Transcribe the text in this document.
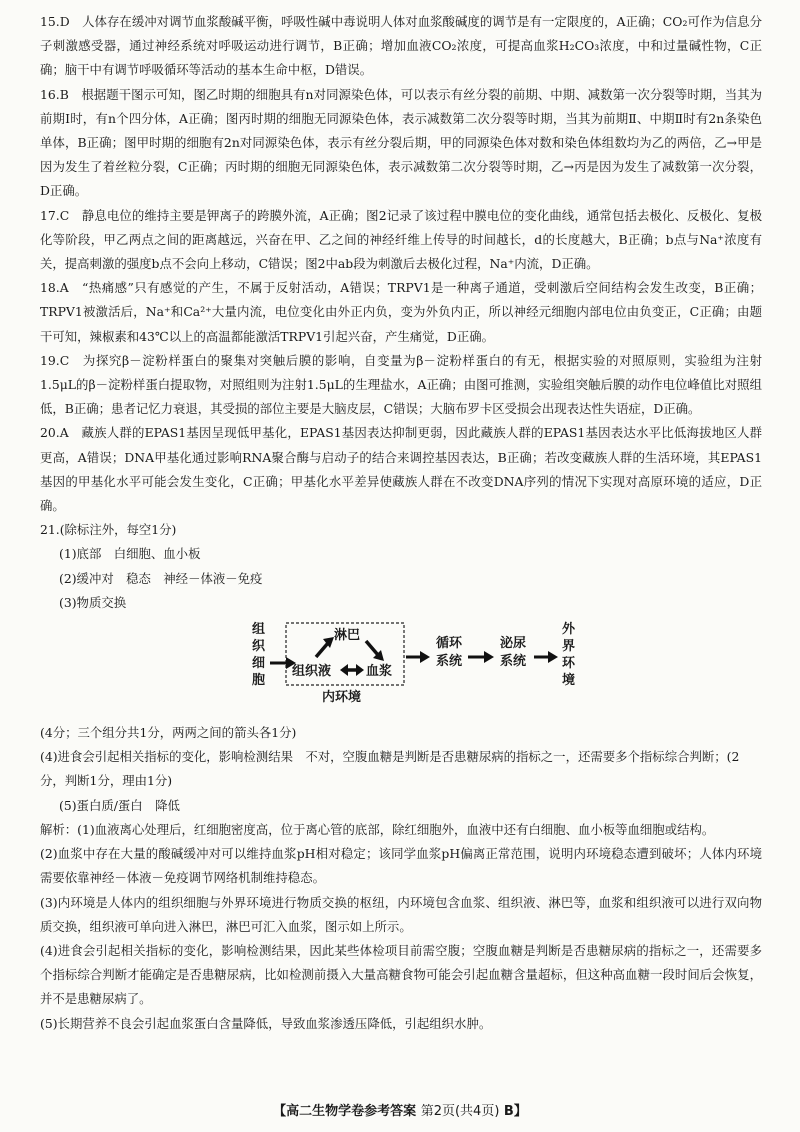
15.D　人体存在缓冲对调节血浆酸碱平衡，呼吸性碱中毒说明人体对血浆酸碱度的调节是有一定限度的，A正确；CO₂可作为信息分子刺激感受器，通过神经系统对呼吸运动进行调节，B正确；增加血液CO₂浓度，可提高血浆H₂CO₃浓度，中和过量碱性物，C正确；脑干中有调节呼吸循环等活动的基本生命中枢，D错误。

16.B　根据题干图示可知，图乙时期的细胞具有n对同源染色体，可以表示有丝分裂的前期、中期、减数第一次分裂等时期，当其为前期Ⅰ时，有n个四分体，A正确；图丙时期的细胞无同源染色体，表示减数第二次分裂等时期，当其为前期Ⅱ、中期Ⅱ时有2n条染色单体，B正确；图甲时期的细胞有2n对同源染色体，表示有丝分裂后期，甲的同源染色体对数和染色体组数均为乙的两倍，乙→甲是因为发生了着丝粒分裂，C正确；丙时期的细胞无同源染色体，表示减数第二次分裂等时期，乙→丙是因为发生了减数第一次分裂，D正确。

17.C　静息电位的维持主要是钾离子的跨膜外流，A正确；图2记录了该过程中膜电位的变化曲线，通常包括去极化、反极化、复极化等阶段，甲乙两点之间的距离越远，兴奋在甲、乙之间的神经纤维上传导的时间越长，d的长度越大，B正确；b点与Na⁺浓度有关，提高刺激的强度b点不会向上移动，C错误；图2中ab段为刺激后去极化过程，Na⁺内流，D正确。

18.A　“热痛感”只有感觉的产生，不属于反射活动，A错误；TRPV1是一种离子通道，受刺激后空间结构会发生改变，B正确；TRPV1被激活后，Na⁺和Ca²⁺大量内流，电位变化由外正内负，变为外负内正，所以神经元细胞内部电位由负变正，C正确；由题干可知，辣椒素和43℃以上的高温都能激活TRPV1引起兴奋，产生痛觉，D正确。

19.C　为探究β－淀粉样蛋白的聚集对突触后膜的影响，自变量为β－淀粉样蛋白的有无，根据实验的对照原则，实验组为注射1.5μL的β－淀粉样蛋白提取物，对照组则为注射1.5μL的生理盐水，A正确；由图可推测，实验组突触后膜的动作电位峰值比对照组低，B正确；患者记忆力衰退，其受损的部位主要是大脑皮层，C错误；大脑布罗卡区受损会出现表达性失语症，D正确。

20.A　藏族人群的EPAS1基因呈现低甲基化，EPAS1基因表达抑制更弱，因此藏族人群的EPAS1基因表达水平比低海拔地区人群更高，A错误；DNA甲基化通过影响RNA聚合酶与启动子的结合来调控基因表达，B正确；若改变藏族人群的生活环境，其EPAS1基因的甲基化水平可能会发生变化，C正确；甲基化水平差异使藏族人群在不改变DNA序列的情况下实现对高原环境的适应，D正确。

21.(除标注外，每空1分)

(1)底部　白细胞、血小板

(2)缓冲对　稳态　神经－体液－免疫

(3)物质交换

组织细胞
淋巴
组织液	血浆
内环境
循环
系统
泌尿
系统
外界环境

(4分；三个组分共1分，两两之间的箭头各1分)

(4)进食会引起相关指标的变化，影响检测结果　不对，空腹血糖是判断是否患糖尿病的指标之一，还需要多个指标综合判断；(2分，判断1分，理由1分)

(5)蛋白质/蛋白　降低

解析：(1)血液离心处理后，红细胞密度高，位于离心管的底部，除红细胞外，血液中还有白细胞、血小板等血细胞或结构。

(2)血浆中存在大量的酸碱缓冲对可以维持血浆pH相对稳定；该同学血浆pH偏离正常范围，说明内环境稳态遭到破坏；人体内环境需要依靠神经－体液－免疫调节网络机制维持稳态。

(3)内环境是人体内的组织细胞与外界环境进行物质交换的枢纽，内环境包含血浆、组织液、淋巴等，血浆和组织液可以进行双向物质交换，组织液可单向进入淋巴，淋巴可汇入血浆，图示如上所示。

(4)进食会引起相关指标的变化，影响检测结果，因此某些体检项目前需空腹；空腹血糖是判断是否患糖尿病的指标之一，还需要多个指标综合判断才能确定是否患糖尿病，比如检测前摄入大量高糖食物可能会引起血糖含量超标，但这种高血糖一段时间后会恢复，并不是患糖尿病了。

(5)长期营养不良会引起血浆蛋白含量降低，导致血浆渗透压降低，引起组织水肿。

【高二生物学卷参考答案 第2页(共4页) B】
